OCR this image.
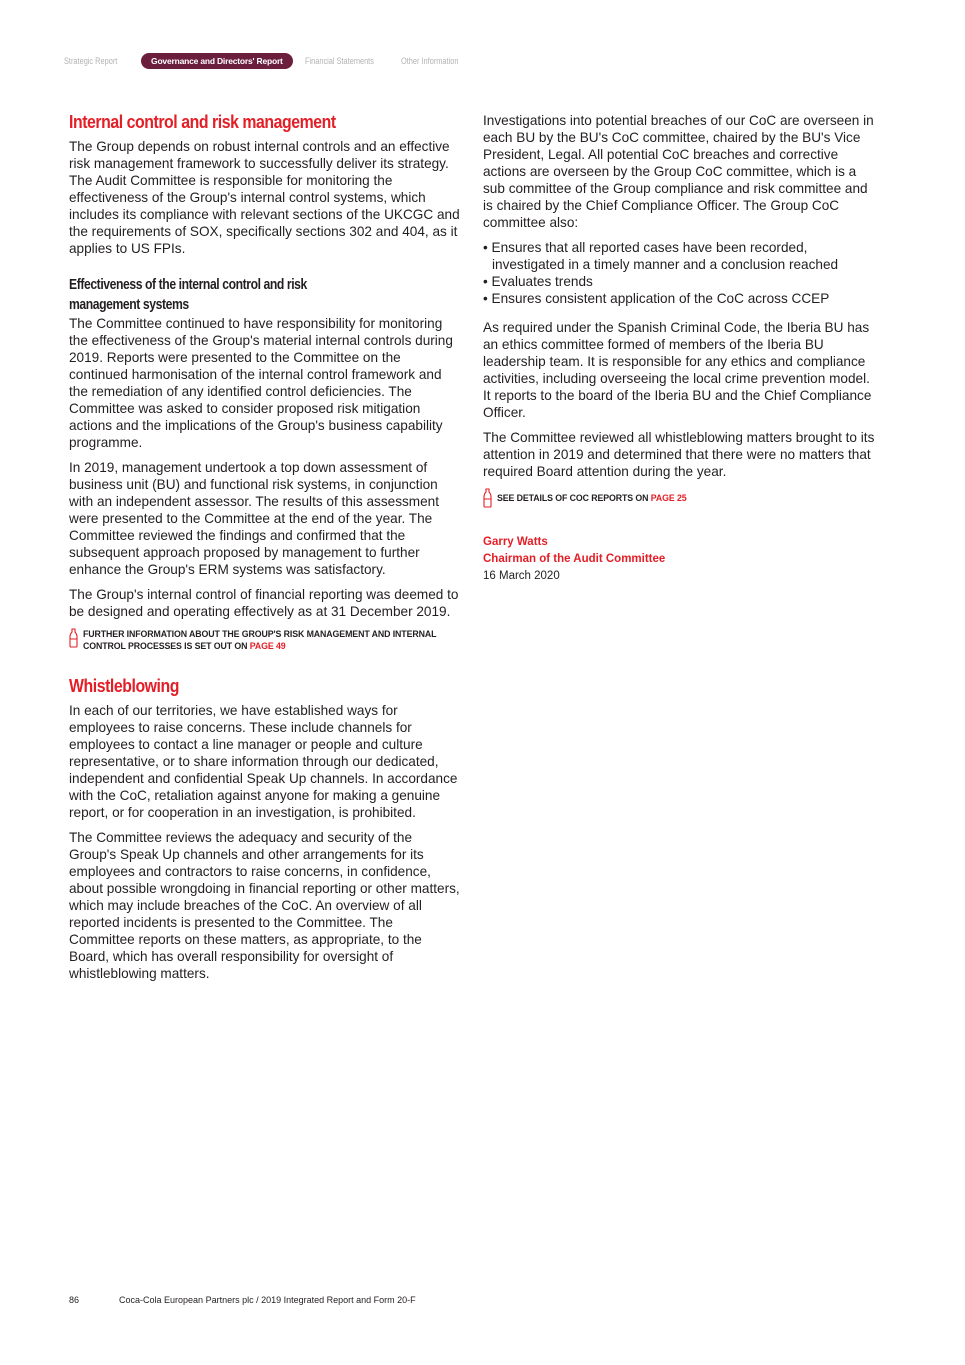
Strategic Report	Governance and Directors' Report	Financial Statements	Other Information
Internal control and risk management

The Group depends on robust internal controls and an effective risk management framework to successfully deliver its strategy. The Audit Committee is responsible for monitoring the effectiveness of the Group's internal control systems, which includes its compliance with relevant sections of the UKCGC and the requirements of SOX, specifically sections 302 and 404, as it applies to US FPIs.

Effectiveness of the internal control and risk management systems

The Committee continued to have responsibility for monitoring the effectiveness of the Group's material internal controls during 2019. Reports were presented to the Committee on the continued harmonisation of the internal control framework and the remediation of any identified control deficiencies. The Committee was asked to consider proposed risk mitigation actions and the implications of the Group's business capability programme.

In 2019, management undertook a top down assessment of business unit (BU) and functional risk systems, in conjunction with an independent assessor. The results of this assessment were presented to the Committee at the end of the year. The Committee reviewed the findings and confirmed that the subsequent approach proposed by management to further enhance the Group's ERM systems was satisfactory.

The Group's internal control of financial reporting was deemed to be designed and operating effectively as at 31 December 2019.

FURTHER INFORMATION ABOUT THE GROUP'S RISK MANAGEMENT AND INTERNAL CONTROL PROCESSES IS SET OUT ON PAGE 49
Whistleblowing

In each of our territories, we have established ways for employees to raise concerns. These include channels for employees to contact a line manager or people and culture representative, or to share information through our dedicated, independent and confidential Speak Up channels. In accordance with the CoC, retaliation against anyone for making a genuine report, or for cooperation in an investigation, is prohibited.

The Committee reviews the adequacy and security of the Group's Speak Up channels and other arrangements for its employees and contractors to raise concerns, in confidence, about possible wrongdoing in financial reporting or other matters, which may include breaches of the CoC. An overview of all reported incidents is presented to the Committee. The Committee reports on these matters, as appropriate, to the Board, which has overall responsibility for oversight of whistleblowing matters.

Investigations into potential breaches of our CoC are overseen in each BU by the BU's CoC committee, chaired by the BU's Vice President, Legal. All potential CoC breaches and corrective actions are overseen by the Group CoC committee, which is a sub committee of the Group compliance and risk committee and is chaired by the Chief Compliance Officer. The Group CoC committee also:

• Ensures that all reported cases have been recorded, investigated in a timely manner and a conclusion reached
• Evaluates trends
• Ensures consistent application of the CoC across CCEP

As required under the Spanish Criminal Code, the Iberia BU has an ethics committee formed of members of the Iberia BU leadership team. It is responsible for any ethics and compliance activities, including overseeing the local crime prevention model. It reports to the board of the Iberia BU and the Chief Compliance Officer.

The Committee reviewed all whistleblowing matters brought to its attention in 2019 and determined that there were no matters that required Board attention during the year.

SEE DETAILS OF COC REPORTS ON PAGE 25
Garry Watts
Chairman of the Audit Committee
16 March 2020
86	Coca-Cola European Partners plc / 2019 Integrated Report and Form 20-F
